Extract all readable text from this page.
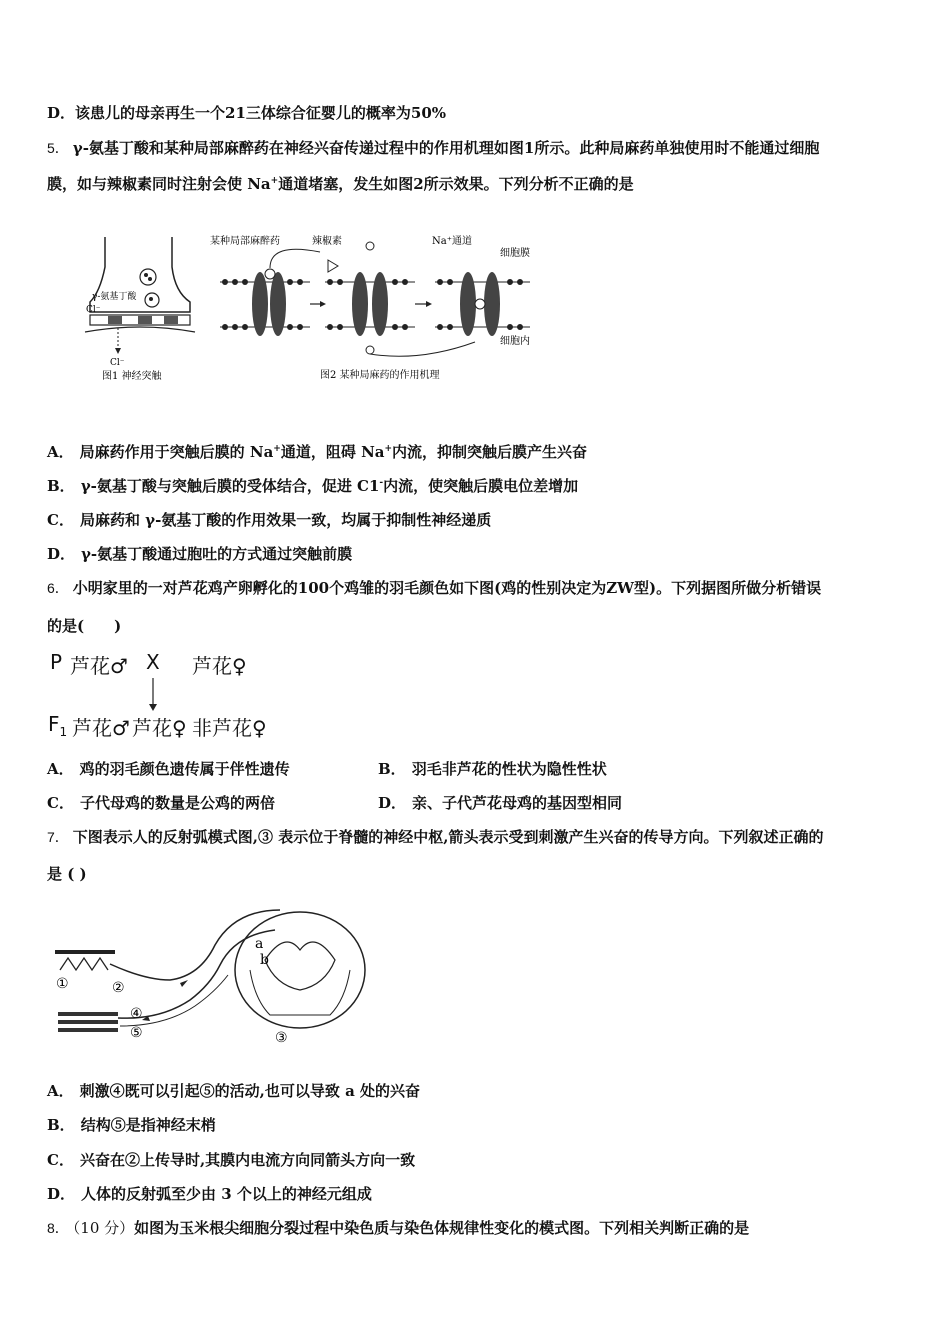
D．该患儿的母亲再生一个21三体综合征婴儿的概率为50%
5． γ-氨基丁酸和某种局部麻醉药在神经兴奋传递过程中的作用机理如图1所示。此种局麻药单独使用时不能通过细胞
膜，如与辣椒素同时注射会使 Na+通道堵塞，发生如图2所示效果。下列分析不正确的是
γ-氨基丁酸
Cl⁻
Cl⁻
图1 神经突触
某种局部麻醉药	辣椒素	Na⁺通道
细胞膜
细胞内
图2 某种局麻药的作用机理
A． 局麻药作用于突触后膜的 Na+通道，阻碍 Na+内流，抑制突触后膜产生兴奋
B． γ-氨基丁酸与突触后膜的受体结合，促进 C1-内流，使突触后膜电位差增加
C． 局麻药和 γ-氨基丁酸的作用效果一致，均属于抑制性神经递质
D． γ-氨基丁酸通过胞吐的方式通过突触前膜
6． 小明家里的一对芦花鸡产卵孵化的100个鸡雏的羽毛颜色如下图(鸡的性别决定为ZW型)。下列据图所做分析错误
的是(　　)
P 芦花♂ X 芦花♀
$F_1$ 芦花♂ 芦花♀ 非芦花♀
A． 鸡的羽毛颜色遗传属于伴性遗传	B． 羽毛非芦花的性状为隐性性状
C． 子代母鸡的数量是公鸡的两倍	D． 亲、子代芦花母鸡的基因型相同
7． 下图表示人的反射弧模式图,③ 表示位于脊髓的神经中枢,箭头表示受到刺激产生兴奋的传导方向。下列叙述正确的
是 ( )
a
b
①	②
③
④
⑤
A． 刺激④既可以引起⑤的活动,也可以导致 a 处的兴奋
B． 结构⑤是指神经末梢
C． 兴奋在②上传导时,其膜内电流方向同箭头方向一致
D． 人体的反射弧至少由 3 个以上的神经元组成
8． （10 分）如图为玉米根尖细胞分裂过程中染色质与染色体规律性变化的模式图。下列相关判断正确的是
